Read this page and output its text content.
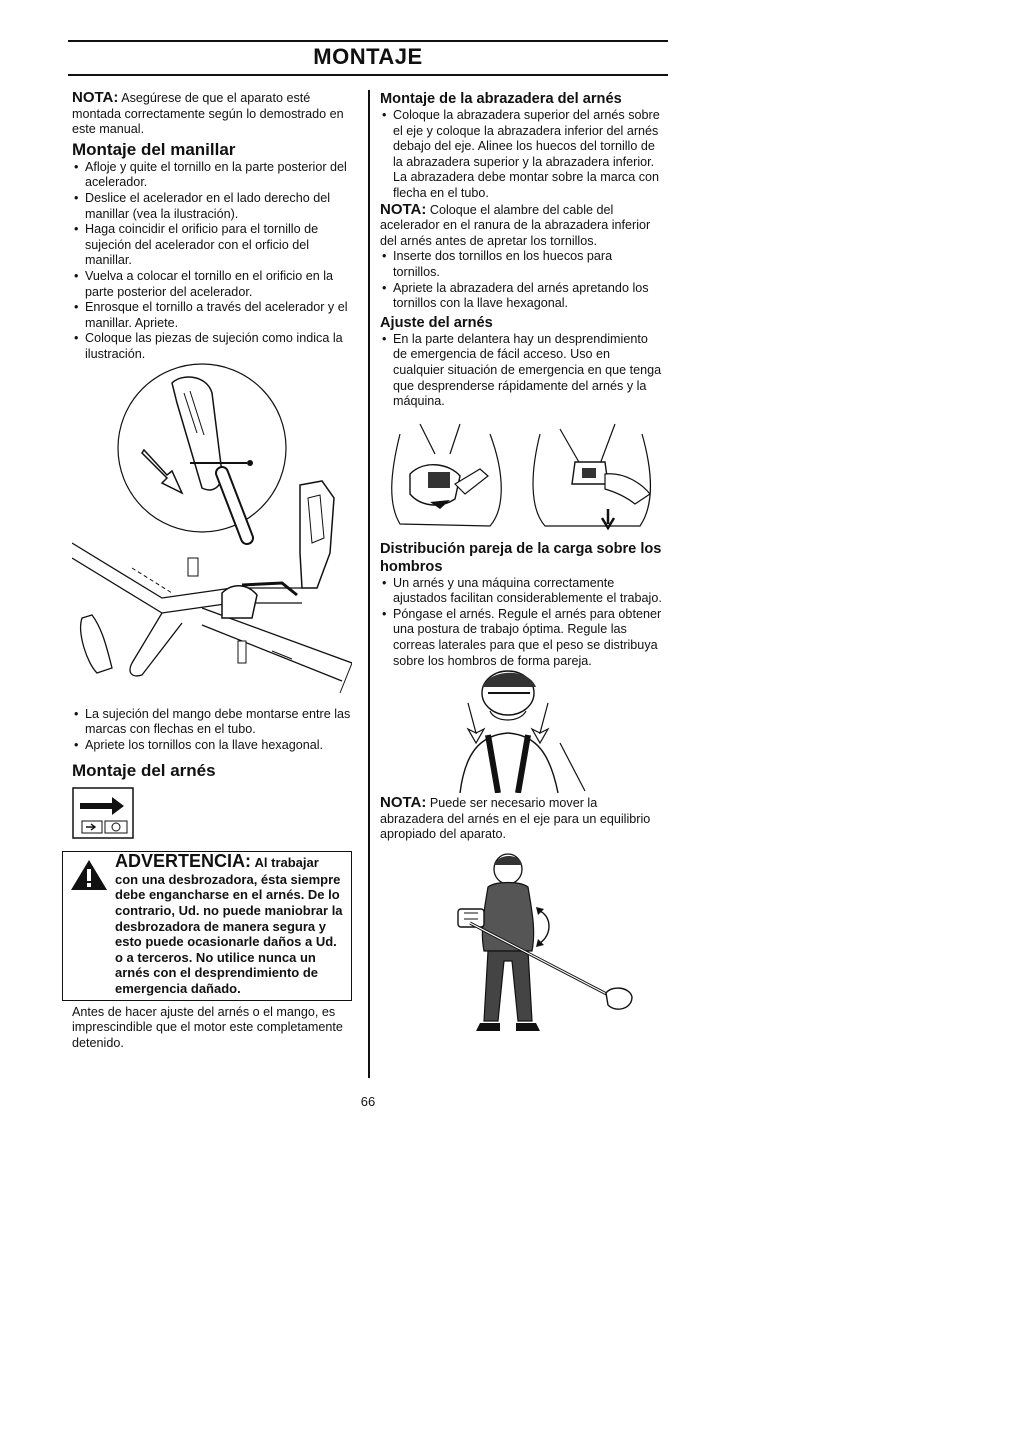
MONTAJE

NOTA: Asegúrese de que el aparato esté montada correctamente según lo demostrado en este manual.

Montaje del manillar
• Afloje y quite el tornillo en la parte posterior del acelerador.
• Deslice el acelerador en el lado derecho del manillar (vea la ilustración).
• Haga coincidir el orificio para el tornillo de sujeción del acelerador con el orficio del manillar.
• Vuelva a colocar el tornillo en el orificio en la parte posterior del acelerador.
• Enrosque el tornillo a través del acelerador y el manillar. Apriete.
• Coloque las piezas de sujeción como indica la ilustración.
• La sujeción del mango debe montarse entre las marcas con flechas en el tubo.
• Apriete los tornillos con la llave hexagonal.
Montaje del arnés
ADVERTENCIA: Al trabajar

con una desbrozadora, ésta siempre debe engancharse en el arnés. De lo contrario, Ud. no puede maniobrar la desbrozadora de manera segura y esto puede ocasionarle daños a Ud. o a terceros. No utilice nunca un arnés con el desprendimiento de emergencia dañado.

Antes de hacer ajuste del arnés o el mango, es imprescindible que el motor este completamente detenido.

Montaje de la abrazadera del arnés
• Coloque la abrazadera superior del arnés sobre el eje y coloque la abrazadera inferior del arnés debajo del eje. Alinee los huecos del tornillo de la abrazadera superior y la abrazadera inferior. La abrazadera debe montar sobre la marca con flecha en el tubo.

NOTA: Coloque el alambre del cable del acelerador en el ranura de la abrazadera inferior del arnés antes de apretar los tornillos.

• Inserte dos tornillos en los huecos para tornillos.
• Apriete la abrazadera del arnés apretando los tornillos con la llave hexagonal.
Ajuste del arnés
• En la parte delantera hay un desprendimiento de emergencia de fácil acceso. Uso en cualquier situación de emergencia en que tenga que desprenderse rápidamente del arnés y la máquina.
Distribución pareja de la carga sobre los hombros
• Un arnés y una máquina correctamente ajustados facilitan considerablemente el trabajo.
• Póngase el arnés. Regule el arnés para obtener una postura de trabajo óptima. Regule las correas laterales para que el peso se distribuya sobre los hombros de forma pareja.

NOTA: Puede ser necesario mover la abrazadera del arnés en el eje para un equilibrio apropiado del aparato.

66
